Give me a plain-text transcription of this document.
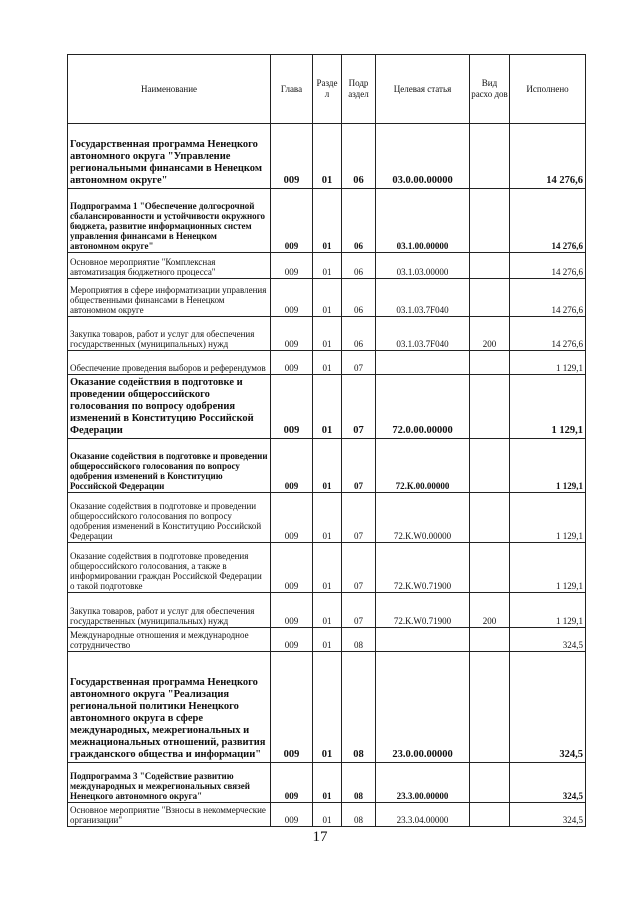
Наименование	Глава	Разде л	Подр аздел	Целевая статья	Вид расхо дов	Исполнено
Государственная программа Ненецкого автономного округа "Управление региональными финансами в Ненецком автономном округе"	009	01	06	03.0.00.00000		14 276,6
Подпрограмма 1 "Обеспечение долгосрочной сбалансированности и устойчивости окружного бюджета, развитие информационных систем управления финансами в Ненецком автономном округе"	009	01	06	03.1.00.00000		14 276,6
Основное мероприятие "Комплексная автоматизация бюджетного процесса"	009	01	06	03.1.03.00000		14 276,6
Мероприятия в сфере информатизации управления общественными финансами в Ненецком автономном округе	009	01	06	03.1.03.7F040		14 276,6
Закупка товаров, работ и услуг для обеспечения государственных (муниципальных) нужд	009	01	06	03.1.03.7F040	200	14 276,6
Обеспечение проведения выборов и референдумов	009	01	07			1 129,1
Оказание содействия в подготовке и проведении общероссийского голосования по вопросу одобрения изменений в Конституцию Российской Федерации	009	01	07	72.0.00.00000		1 129,1
Оказание содействия в подготовке и проведении общероссийского голосования по вопросу одобрения изменений в Конституцию Российской Федерации	009	01	07	72.К.00.00000		1 129,1
Оказание содействия в подготовке и проведении общероссийского голосования по вопросу одобрения изменений в Конституцию Российской Федерации	009	01	07	72.К.W0.00000		1 129,1
Оказание содействия в подготовке проведения общероссийского голосования, а также в информировании граждан Российской Федерации о такой подготовке	009	01	07	72.К.W0.71900		1 129,1
Закупка товаров, работ и услуг для обеспечения государственных (муниципальных) нужд	009	01	07	72.К.W0.71900	200	1 129,1
Международные отношения и международное сотрудничество	009	01	08			324,5
Государственная программа Ненецкого автономного округа "Реализация региональной политики Ненецкого автономного округа в сфере международных, межрегиональных и межнациональных отношений, развития гражданского общества и информации"	009	01	08	23.0.00.00000		324,5
Подпрограмма 3 "Содействие развитию международных и межрегиональных связей Ненецкого автономного округа"	009	01	08	23.3.00.00000		324,5
Основное мероприятие "Взносы в некоммерческие организации"	009	01	08	23.3.04.00000		324,5
17
